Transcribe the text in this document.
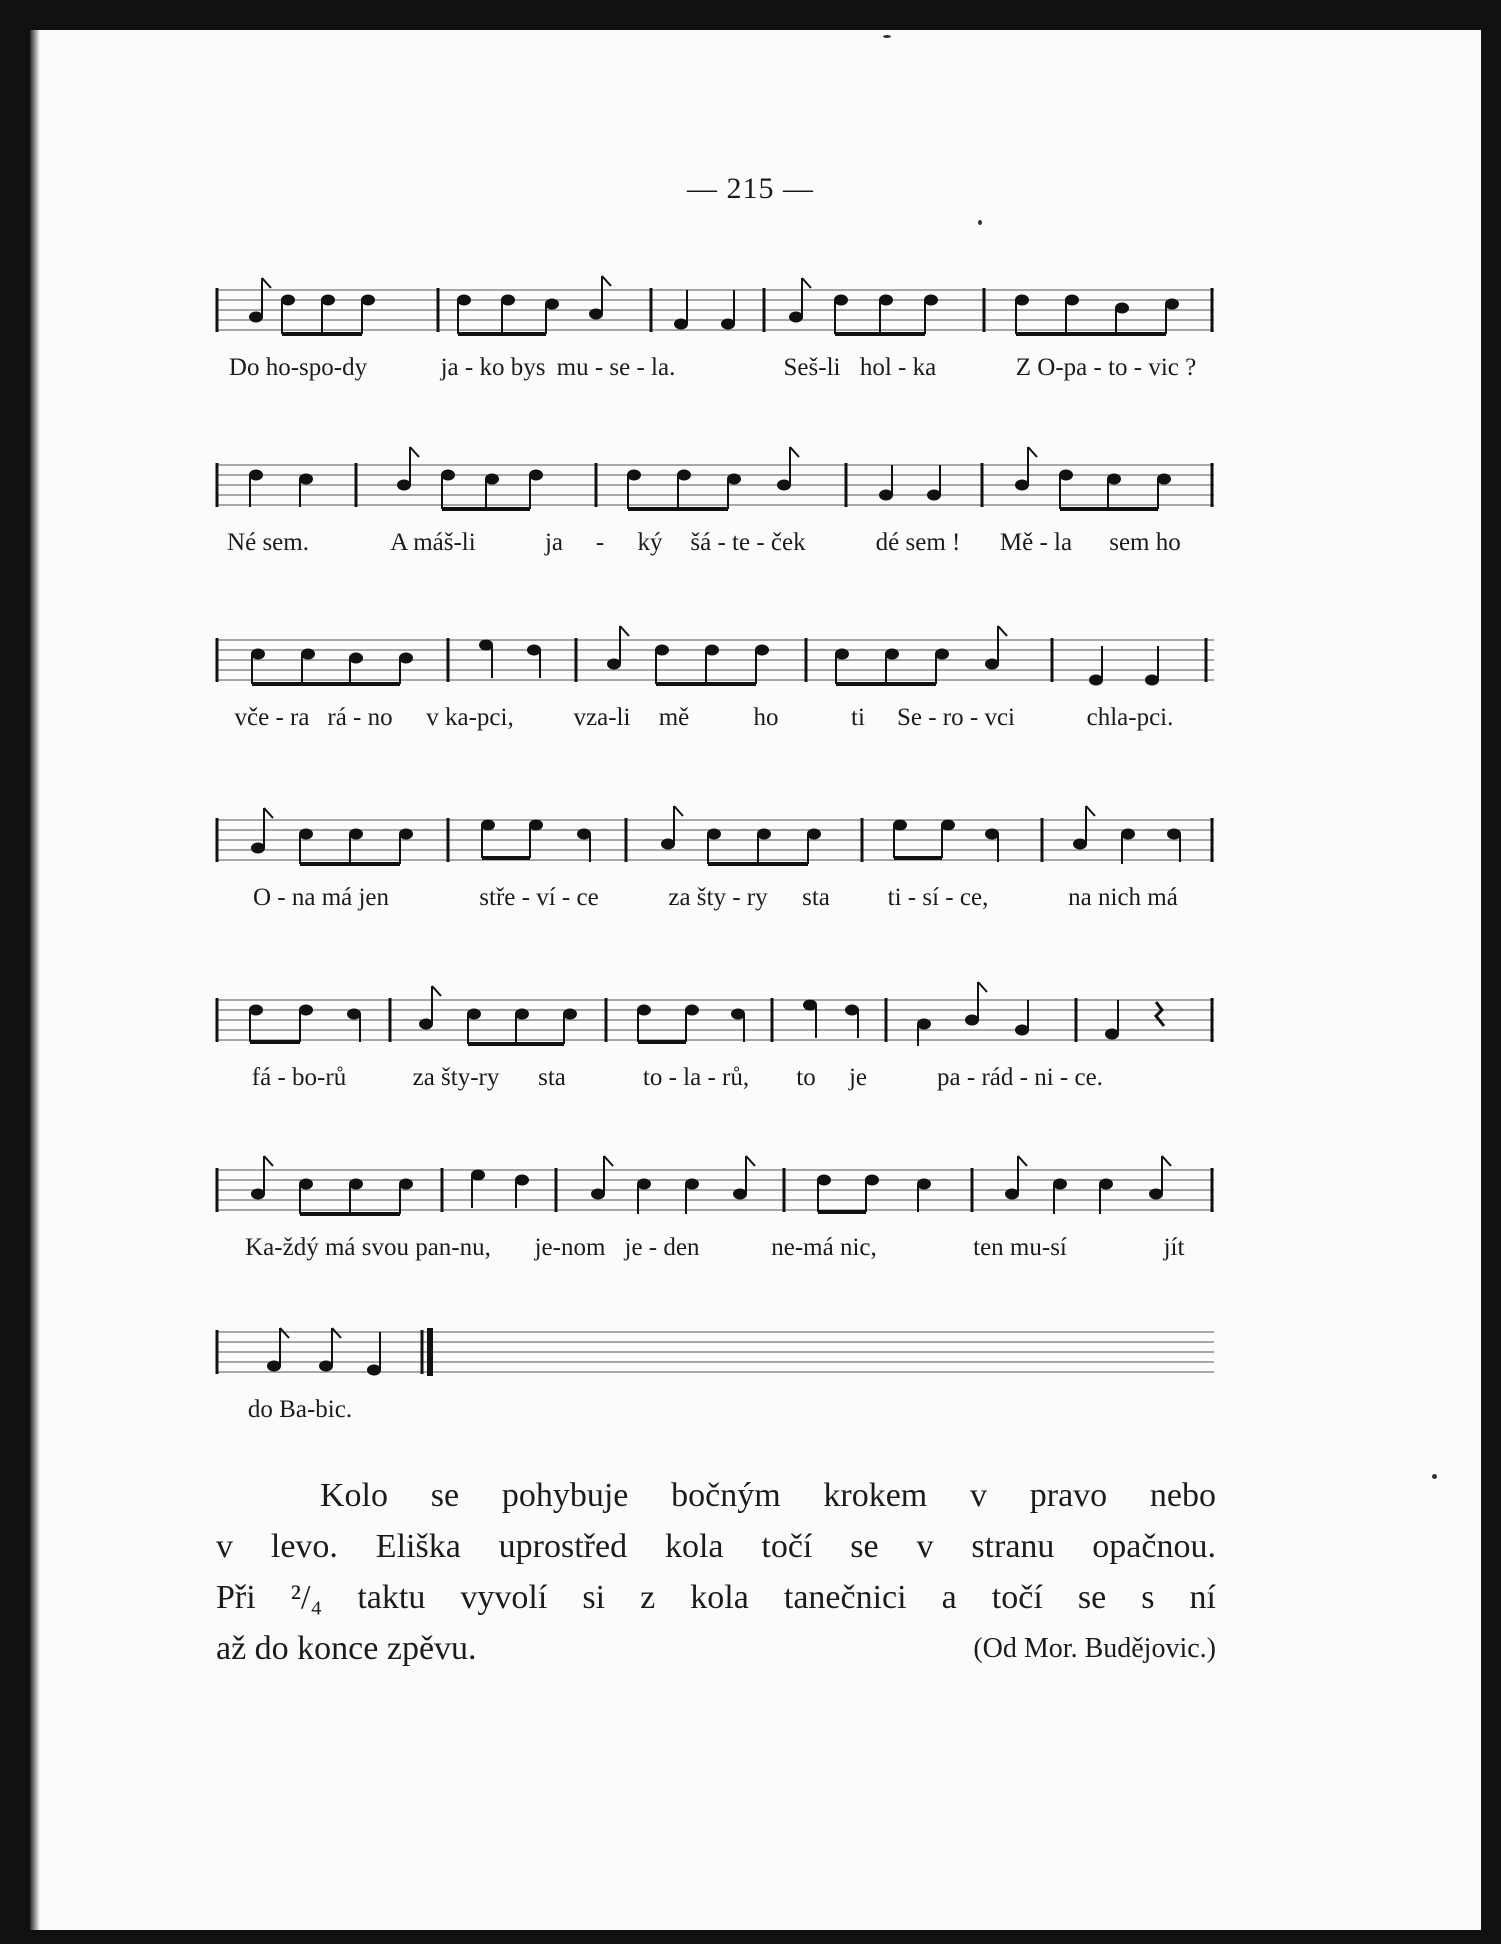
— 215 —
Do ho-spo-dy	ja - ko bys mu - se - la.	Seš-li hol - ka	Z O-pa - to - vic ?
Né sem.	A máš-li	ja - ký šá - te - ček	dé sem ! Mě - la sem ho
vče - ra rá - no v ka-pci, vza-li mě	ho	ti Se - ro - vci	chla-pci.
O - na má jen	stře - ví - ce	za šty - ry sta ti - sí - ce,	na nich má
fá - bo-rů	za šty-ry sta	to - la - rů, to je	pa - rád - ni - ce.
Ka-ždý má svou pan-nu, je-nom je - den	ne-má nic,	ten mu-sí	jít
do Ba-bic.

Kolo se pohybuje bočným krokem v pravo nebo

v levo. Eliška uprostřed kola točí se v stranu opačnou.

Při ²/₄ taktu vyvolí si z kola tanečnici a točí se s ní

až do konce zpěvu.	(Od Mor. Budějovic.)
